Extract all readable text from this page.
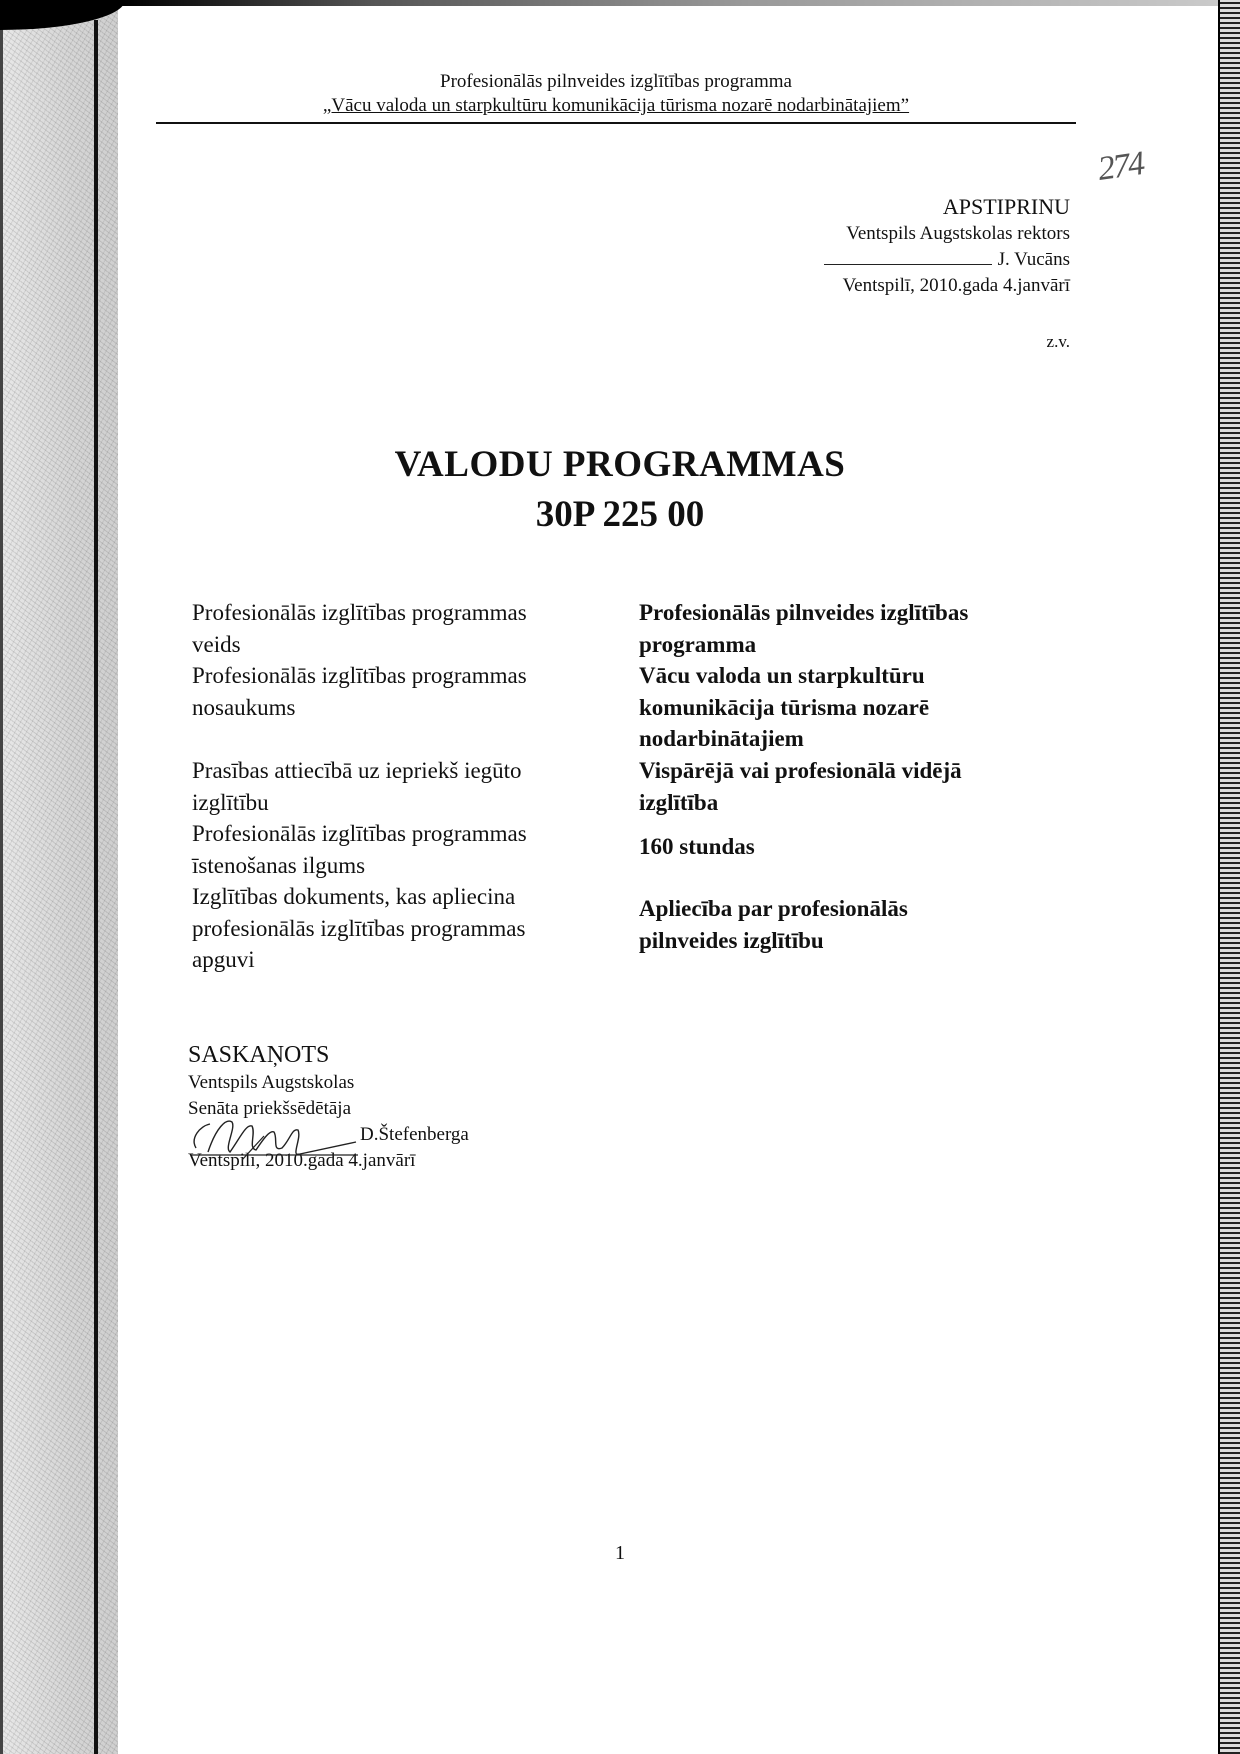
Profesionālās pilnveides izglītības programma
„Vācu valoda un starpkultūru komunikācija tūrisma nozarē nodarbinātajiem”
274
APSTIPRINU
Ventspils Augstskolas rektors
J. Vucāns
Ventspilī, 2010.gada 4.janvārī
z.v.
VALODU PROGRAMMAS
30P 225 00
Profesionālās izglītības programmas
veids
Profesionālās izglītības programmas
nosaukums
Prasības attiecībā uz iepriekš iegūto
izglītību
Profesionālās izglītības programmas
īstenošanas ilgums
Izglītības dokuments, kas apliecina
profesionālās izglītības programmas
apguvi
Profesionālās pilnveides izglītības
programma
Vācu valoda un starpkultūru
komunikācija tūrisma nozarē
nodarbinātajiem
Vispārējā vai profesionālā vidējā
izglītība
160 stundas
Apliecība par profesionālās
pilnveides izglītību
SASKAŅOTS
Ventspils Augstskolas
Senāta priekšsēdētāja
D.Štefenberga
Ventspilī, 2010.gada 4.janvārī
1
